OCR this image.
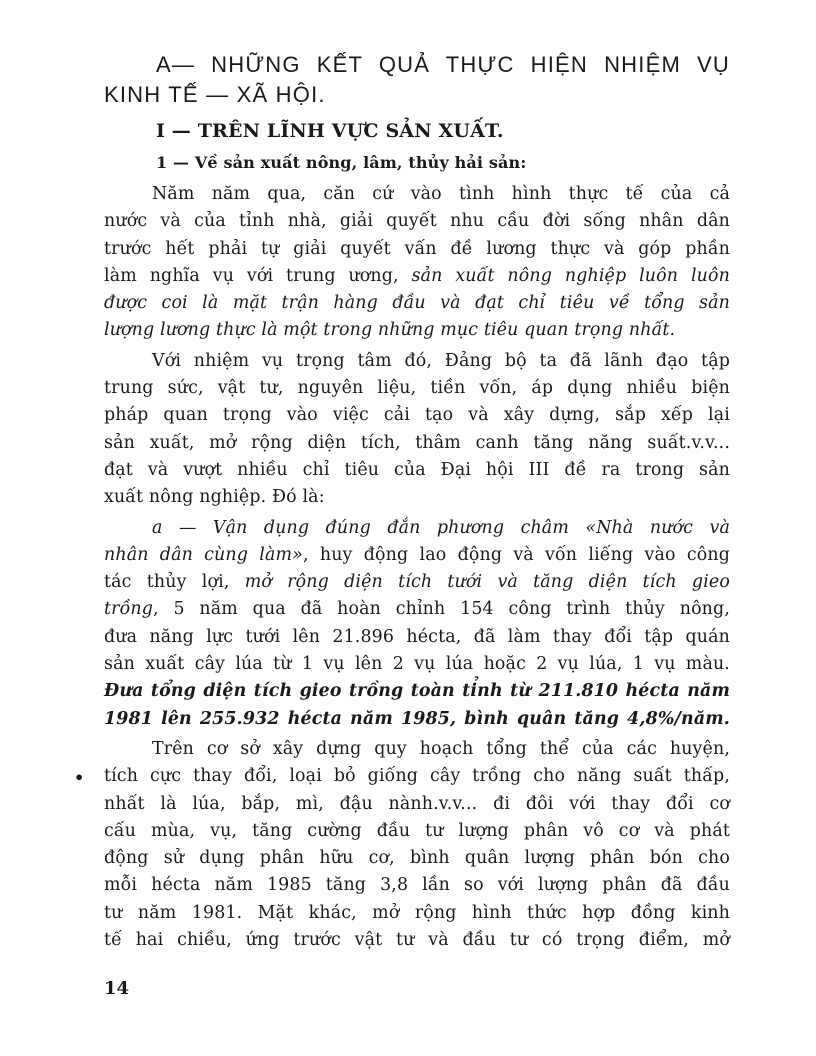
A— NHỮNG KẾT QUẢ THỰC HIỆN NHIỆM VỤ
KINH TẾ — XÃ HỘI.
I — TRÊN LĨNH VỰC SẢN XUẤT.
1 — Về sản xuất nông, lâm, thủy hải sản:
Năm năm qua, căn cứ vào tình hình thực tế của cả
nước và của tỉnh nhà, giải quyết nhu cầu đời sống nhân dân
trước hết phải tự giải quyết vấn đề lương thực và góp phần
làm nghĩa vụ với trung ương, sản xuất nông nghiệp luôn luôn
được coi là mặt trận hàng đầu và đạt chỉ tiêu về tổng sản
lượng lương thực là một trong những mục tiêu quan trọng nhất.
Với nhiệm vụ trọng tâm đó, Đảng bộ ta đã lãnh đạo tập
trung sức, vật tư, nguyên liệu, tiền vốn, áp dụng nhiều biện
pháp quan trọng vào việc cải tạo và xây dựng, sắp xếp lại
sản xuất, mở rộng diện tích, thâm canh tăng năng suất.v.v...
đạt và vượt nhiều chỉ tiêu của Đại hội III đề ra trong sản
xuất nông nghiệp. Đó là:
a — Vận dụng đúng đắn phương châm «Nhà nước và
nhân dân cùng làm», huy động lao động và vốn liếng vào công
tác thủy lợi, mở rộng diện tích tưới và tăng diện tích gieo
trồng, 5 năm qua đã hoàn chỉnh 154 công trình thủy nông,
đưa năng lực tưới lên 21.896 hécta, đã làm thay đổi tập quán
sản xuất cây lúa từ 1 vụ lên 2 vụ lúa hoặc 2 vụ lúa, 1 vụ màu.
Đưa tổng diện tích gieo trồng toàn tỉnh từ 211.810 hécta năm
1981 lên 255.932 hécta năm 1985, bình quân tăng 4,8%/năm.
Trên cơ sở xây dựng quy hoạch tổng thể của các huyện,
tích cực thay đổi, loại bỏ giống cây trồng cho năng suất thấp,
nhất là lúa, bắp, mì, đậu nành.v.v... đi đôi với thay đổi cơ
cấu mùa, vụ, tăng cường đầu tư lượng phân vô cơ và phát
động sử dụng phân hữu cơ, bình quân lượng phân bón cho
mỗi hécta năm 1985 tăng 3,8 lần so với lượng phân đã đầu
tư năm 1981. Mặt khác, mở rộng hình thức hợp đồng kinh
tế hai chiều, ứng trước vật tư và đầu tư có trọng điểm, mở
•
14
